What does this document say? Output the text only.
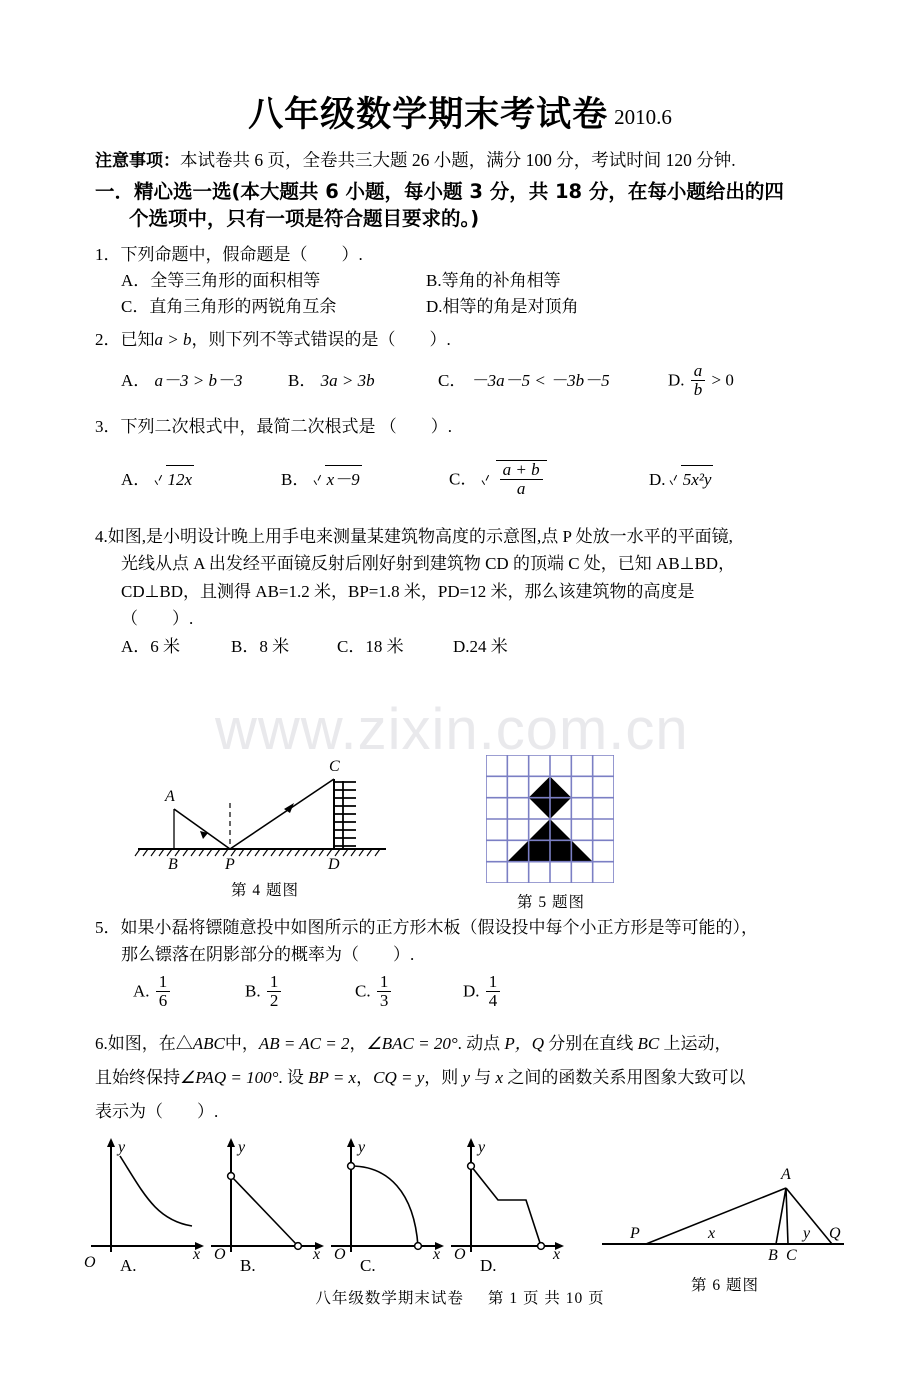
www.zixin.com.cn
八年级数学期末考试卷 2010.6
注意事项：本试卷共 6 页，全卷共三大题 26 小题，满分 100 分，考试时间 120 分钟.
一．精心选一选(本大题共 6 小题，每小题 3 分，共 18 分，在每小题给出的四
个选项中，只有一项是符合题目要求的。)
1．下列命题中，假命题是（　　）.
A．全等三角形的面积相等	B.等角的补角相等
C．直角三角形的两锐角互余	D.相等的角是对顶角
2．已知a > b，则下列不等式错误的是（　　）.
A． a－3 > b－3	B． 3a > 3b	C． －3a－5 < －3b－5	D. $\frac{a}{b} > 0$
3．下列二次根式中，最简二次根式是 （　　）.
A． 12x	B． x－9	C． $\frac{a + b}{a}$	D. 5x²y
4.如图,是小明设计晚上用手电来测量某建筑物高度的示意图,点 P 处放一水平的平面镜,
光线从点 A 出发经平面镜反射后刚好射到建筑物 CD 的顶端 C 处，已知 AB⊥BD，
CD⊥BD，且测得 AB=1.2 米，BP=1.8 米，PD=12 米，那么该建筑物的高度是
（　　）.
A．6 米	B．8 米	C．18 米	D.24 米
A
B	P
C
D
第 4 题图
第 5 题图
5．如果小磊将镖随意投中如图所示的正方形木板（假设投中每个小正方形是等可能的），
那么镖落在阴影部分的概率为（　　）.
A. $\frac{1}{6}$	B. $\frac{1}{2}$	C. $\frac{1}{3}$	D. $\frac{1}{4}$
6.如图，在△ABC中，AB = AC = 2，∠BAC = 20°. 动点 P，Q 分别在直线 BC 上运动，
且始终保持∠PAQ = 100°. 设 BP = x，CQ = y，则 y 与 x 之间的函数关系用图象大致可以
表示为（　　）.
y
x
O A.
y
x
O
B.
y
x
O
C.
y
x
O
D.
A
P
B C
Q
x	y
第 6 题图
八年级数学期末试卷 第 1 页 共 10 页
